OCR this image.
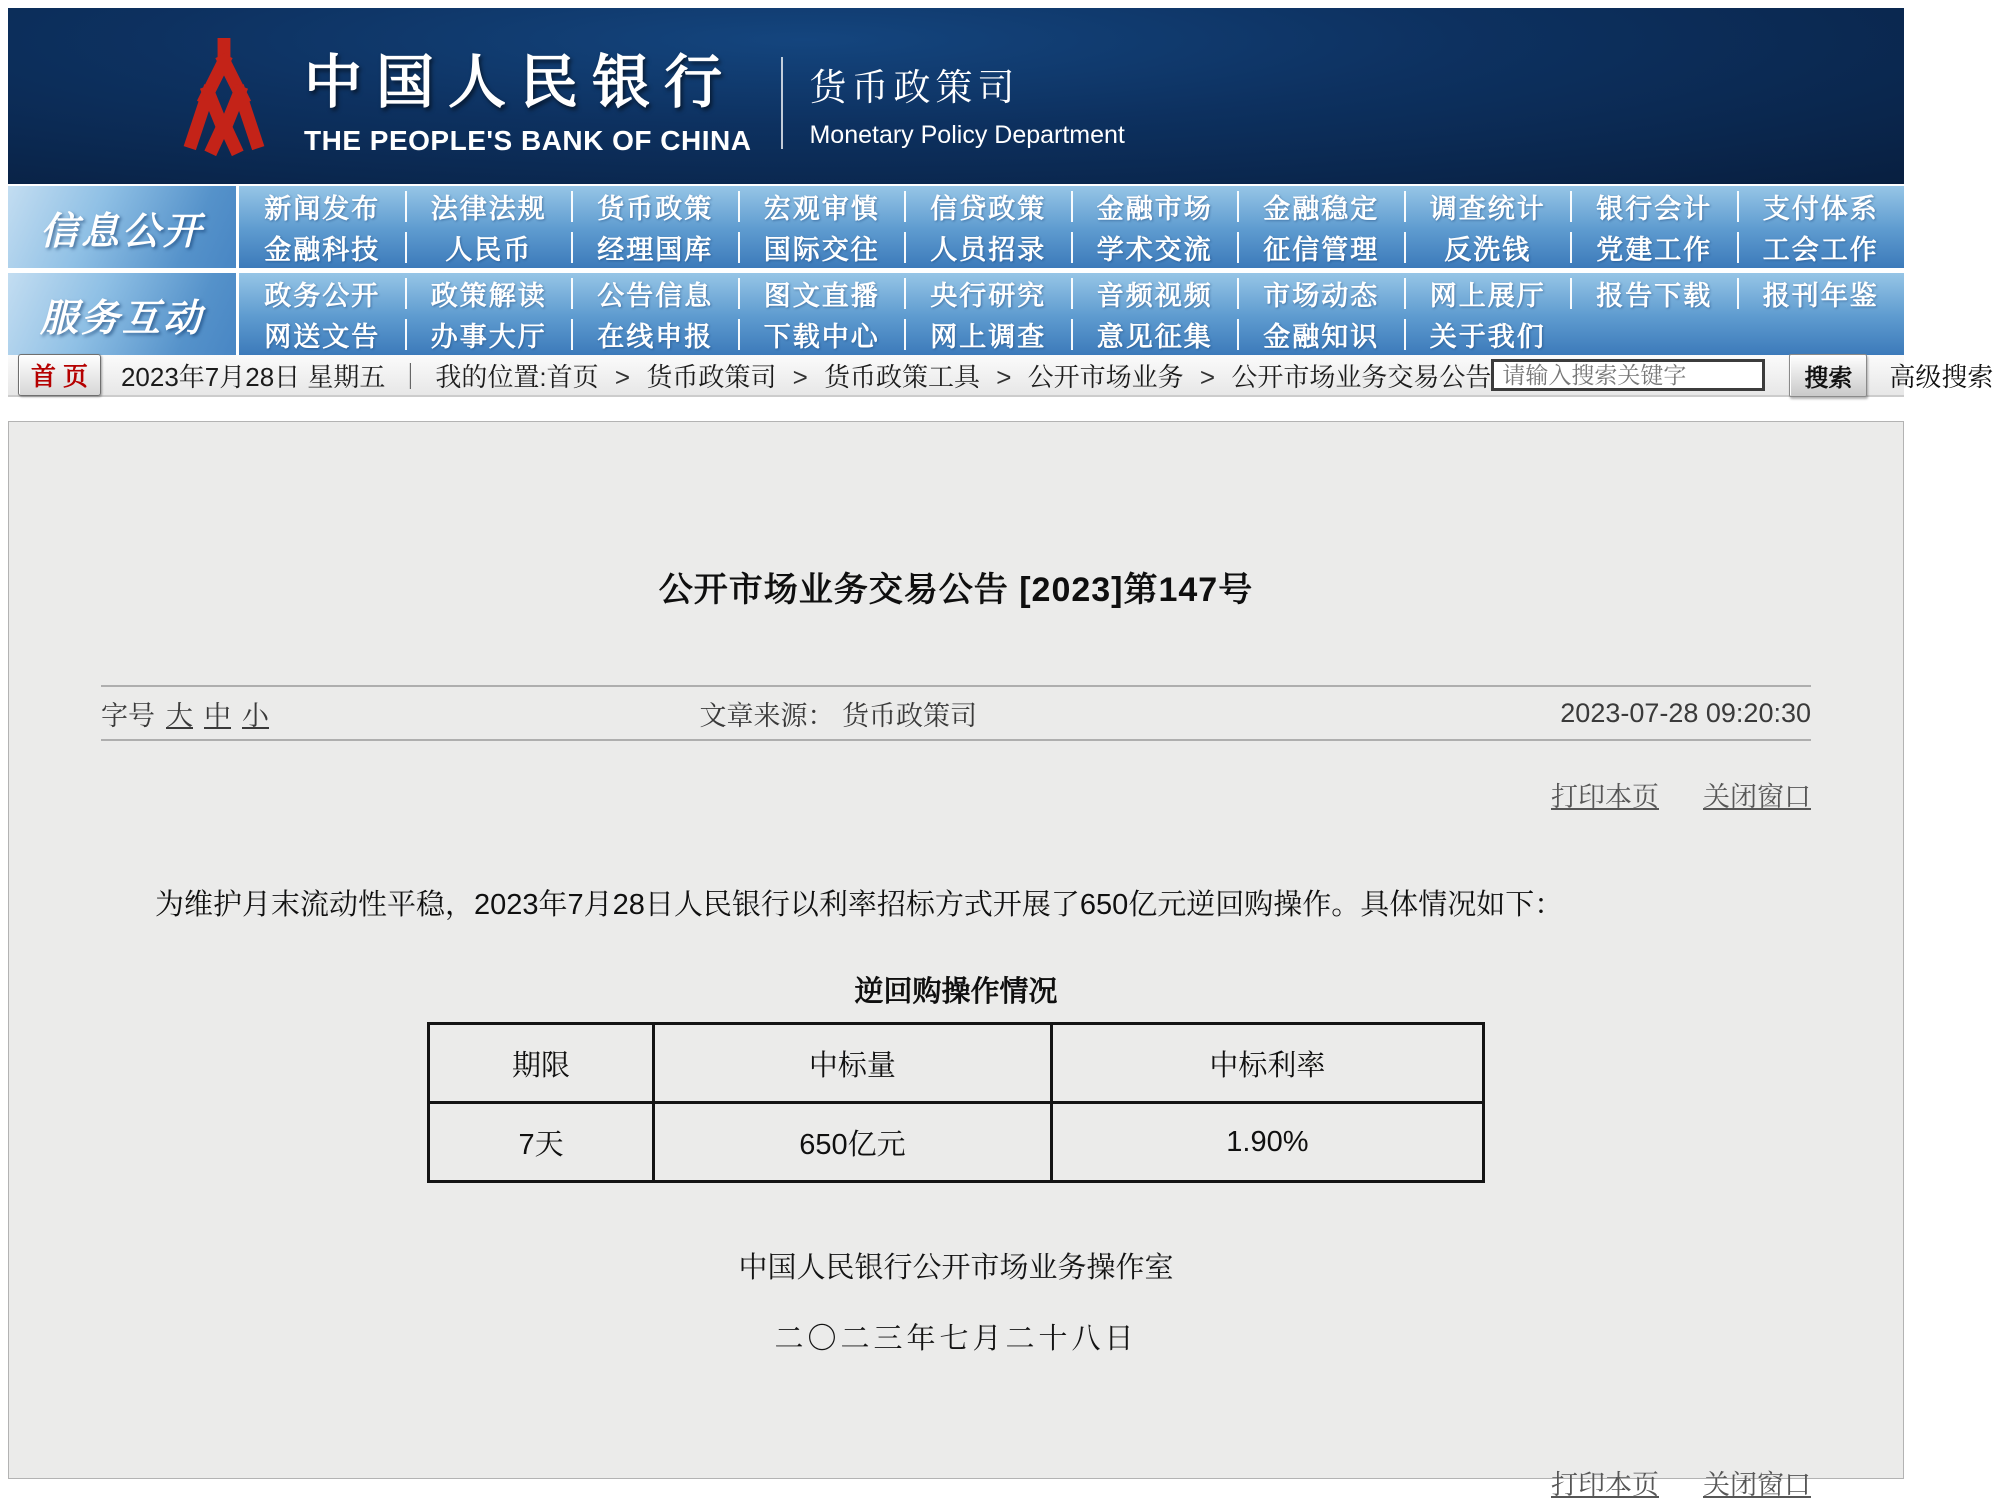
中国人民银行
THE PEOPLE'S BANK OF CHINA
货币政策司
Monetary Policy Department
信息公开
新闻发布	法律法规	货币政策	宏观审慎	信贷政策	金融市场	金融稳定	调查统计	银行会计	支付体系
金融科技	人民币	经理国库	国际交往	人员招录	学术交流	征信管理	反洗钱	党建工作	工会工作
服务互动
政务公开	政策解读	公告信息	图文直播	央行研究	音频视频	市场动态	网上展厅	报告下载	报刊年鉴
网送文告	办事大厅	在线申报	下载中心	网上调查	意见征集	金融知识	关于我们
首 页	2023年7月28日 星期五 ｜ 我的位置:首页 > 货币政策司 > 货币政策工具 > 公开市场业务 > 公开市场业务交易公告
请输入搜索关键字	搜索	高级搜索
公开市场业务交易公告 [2023]第147号
字号 大 中 小	文章来源： 货币政策司	2023-07-28 09:20:30
打印本页 关闭窗口

为维护月末流动性平稳，2023年7月28日人民银行以利率招标方式开展了650亿元逆回购操作。具体情况如下：

逆回购操作情况
期限	中标量	中标利率
7天	650亿元	1.90%
中国人民银行公开市场业务操作室
二〇二三年七月二十八日
打印本页 关闭窗口
